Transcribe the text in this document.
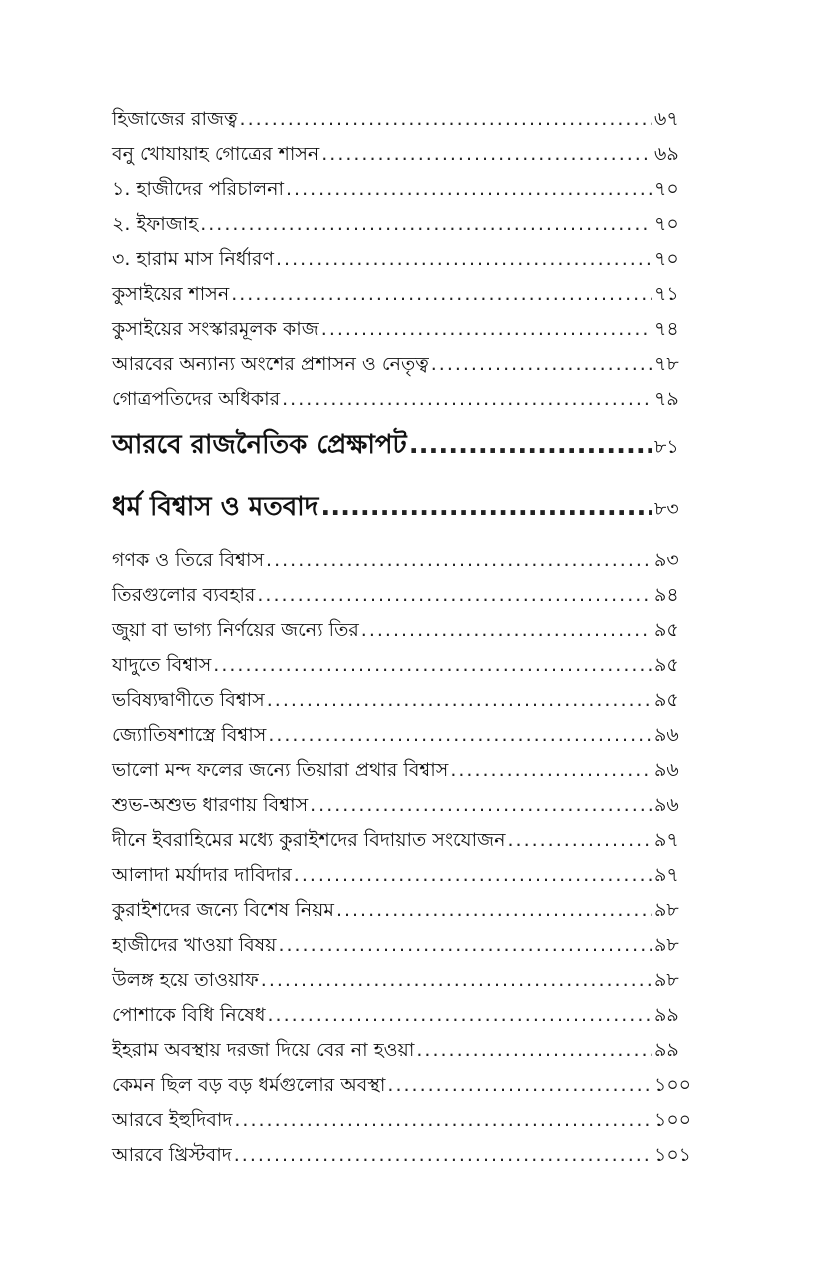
হিজাজের রাজত্ব .....	৬৭
বনু খোযায়াহ গোত্রের শাসন .....	৬৯
১. হাজীদের পরিচালনা .....	৭০
২. ইফাজাহ .....	৭০
৩. হারাম মাস নির্ধারণ .....	৭০
কুসাইয়ের শাসন .....	৭১
কুসাইয়ের সংস্কারমূলক কাজ .....	৭৪
আরবের অন্যান্য অংশের প্রশাসন ও নেতৃত্ব .....	৭৮
গোত্রপতিদের অধিকার .....	৭৯
আরবে রাজনৈতিক প্রেক্ষাপট .....	৮১
ধর্ম বিশ্বাস ও মতবাদ .....	৮৩
গণক ও তিরে বিশ্বাস .....	৯৩
তিরগুলোর ব্যবহার .....	৯৪
জুয়া বা ভাগ্য নির্ণয়ের জন্যে তির .....	৯৫
যাদুতে বিশ্বাস .....	৯৫
ভবিষ্যদ্বাণীতে বিশ্বাস .....	৯৫
জ্যোতিষশাস্ত্রে বিশ্বাস .....	৯৬
ভালো মন্দ ফলের জন্যে তিয়ারা প্রথার বিশ্বাস .....	৯৬
শুভ-অশুভ ধারণায় বিশ্বাস .....	৯৬
দীনে ইবরাহিমের মধ্যে কুরাইশদের বিদায়াত সংযোজন .....	৯৭
আলাদা মর্যাদার দাবিদার .....	৯৭
কুরাইশদের জন্যে বিশেষ নিয়ম .....	৯৮
হাজীদের খাওয়া বিষয় .....	৯৮
উলঙ্গ হয়ে তাওয়াফ .....	৯৮
পোশাকে বিধি নিষেধ .....	৯৯
ইহরাম অবস্থায় দরজা দিয়ে বের না হওয়া .....	৯৯
কেমন ছিল বড় বড় ধর্মগুলোর অবস্থা .....	১০০
আরবে ইহুদিবাদ .....	১০০
আরবে খ্রিস্টবাদ .....	১০১
